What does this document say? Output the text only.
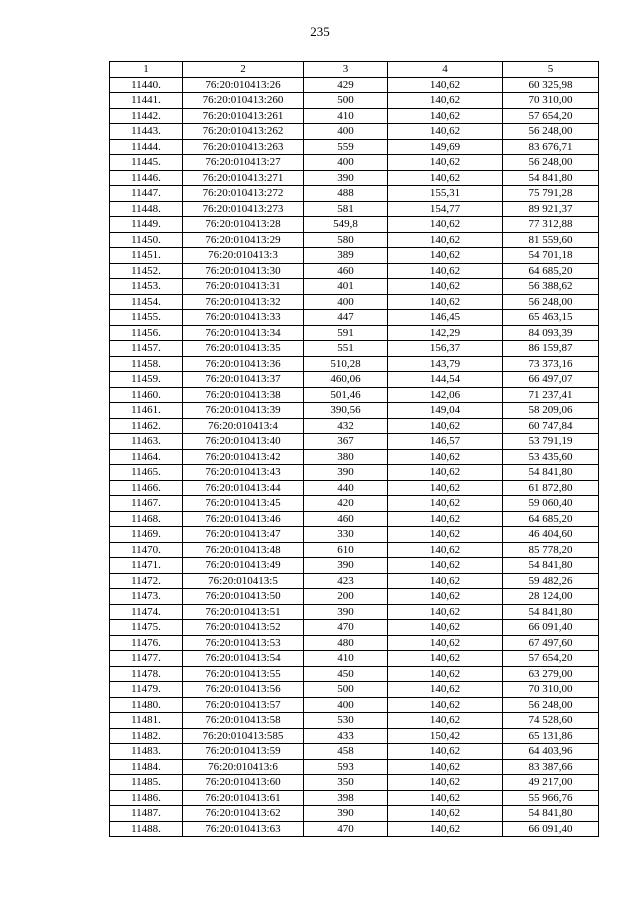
235
1	2	3	4	5
11440.	76:20:010413:26	429	140,62	60 325,98
11441.	76:20:010413:260	500	140,62	70 310,00
11442.	76:20:010413:261	410	140,62	57 654,20
11443.	76:20:010413:262	400	140,62	56 248,00
11444.	76:20:010413:263	559	149,69	83 676,71
11445.	76:20:010413:27	400	140,62	56 248,00
11446.	76:20:010413:271	390	140,62	54 841,80
11447.	76:20:010413:272	488	155,31	75 791,28
11448.	76:20:010413:273	581	154,77	89 921,37
11449.	76:20:010413:28	549,8	140,62	77 312,88
11450.	76:20:010413:29	580	140,62	81 559,60
11451.	76:20:010413:3	389	140,62	54 701,18
11452.	76:20:010413:30	460	140,62	64 685,20
11453.	76:20:010413:31	401	140,62	56 388,62
11454.	76:20:010413:32	400	140,62	56 248,00
11455.	76:20:010413:33	447	146,45	65 463,15
11456.	76:20:010413:34	591	142,29	84 093,39
11457.	76:20:010413:35	551	156,37	86 159,87
11458.	76:20:010413:36	510,28	143,79	73 373,16
11459.	76:20:010413:37	460,06	144,54	66 497,07
11460.	76:20:010413:38	501,46	142,06	71 237,41
11461.	76:20:010413:39	390,56	149,04	58 209,06
11462.	76:20:010413:4	432	140,62	60 747,84
11463.	76:20:010413:40	367	146,57	53 791,19
11464.	76:20:010413:42	380	140,62	53 435,60
11465.	76:20:010413:43	390	140,62	54 841,80
11466.	76:20:010413:44	440	140,62	61 872,80
11467.	76:20:010413:45	420	140,62	59 060,40
11468.	76:20:010413:46	460	140,62	64 685,20
11469.	76:20:010413:47	330	140,62	46 404,60
11470.	76:20:010413:48	610	140,62	85 778,20
11471.	76:20:010413:49	390	140,62	54 841,80
11472.	76:20:010413:5	423	140,62	59 482,26
11473.	76:20:010413:50	200	140,62	28 124,00
11474.	76:20:010413:51	390	140,62	54 841,80
11475.	76:20:010413:52	470	140,62	66 091,40
11476.	76:20:010413:53	480	140,62	67 497,60
11477.	76:20:010413:54	410	140,62	57 654,20
11478.	76:20:010413:55	450	140,62	63 279,00
11479.	76:20:010413:56	500	140,62	70 310,00
11480.	76:20:010413:57	400	140,62	56 248,00
11481.	76:20:010413:58	530	140,62	74 528,60
11482.	76:20:010413:585	433	150,42	65 131,86
11483.	76:20:010413:59	458	140,62	64 403,96
11484.	76:20:010413:6	593	140,62	83 387,66
11485.	76:20:010413:60	350	140,62	49 217,00
11486.	76:20:010413:61	398	140,62	55 966,76
11487.	76:20:010413:62	390	140,62	54 841,80
11488.	76:20:010413:63	470	140,62	66 091,40
